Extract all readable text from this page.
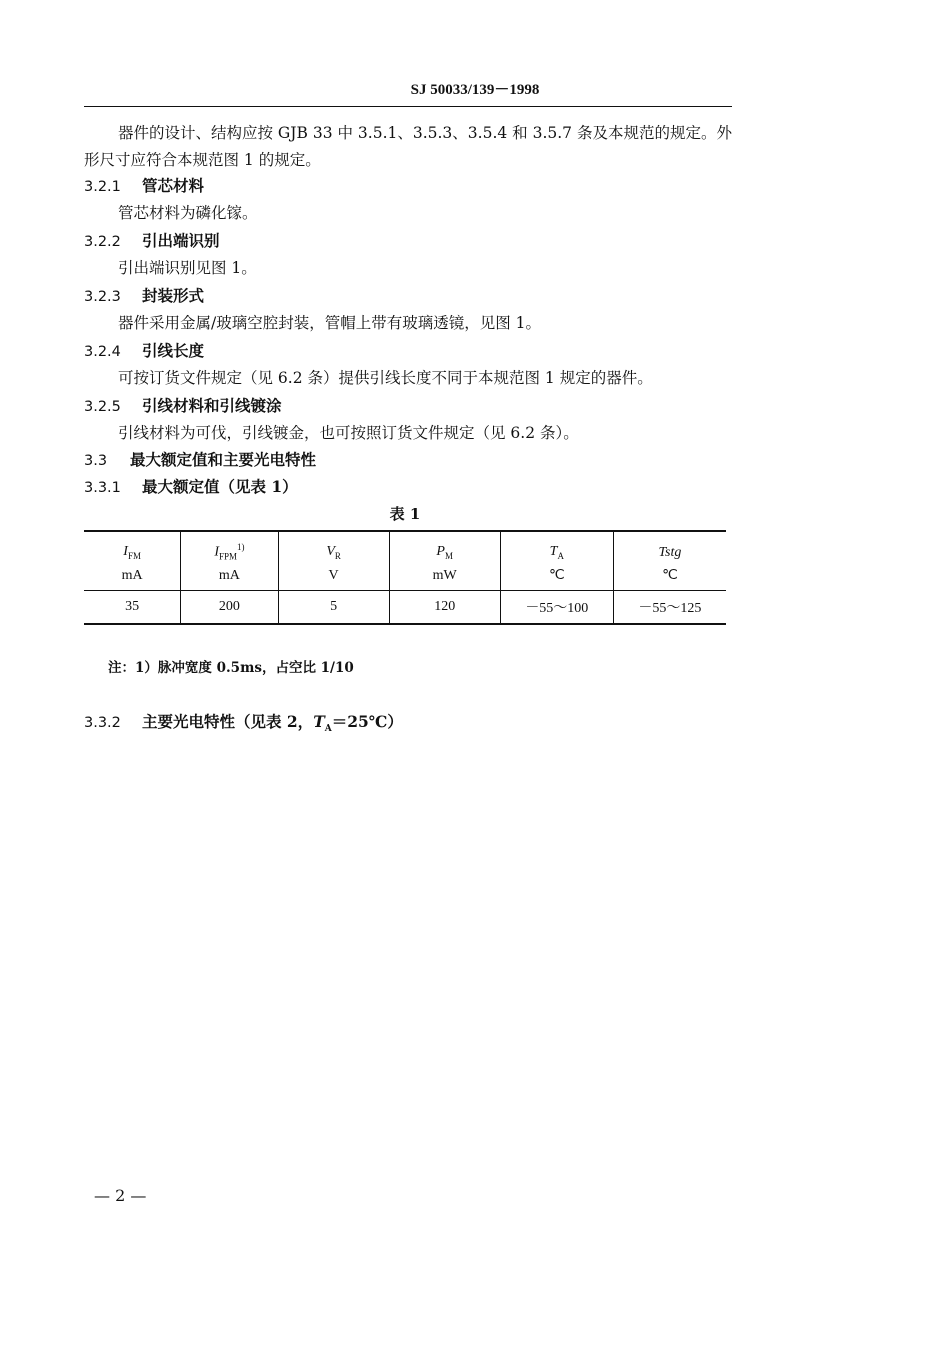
SJ 50033/139－1998
器件的设计、结构应按 GJB 33 中 3.5.1、3.5.3、3.5.4 和 3.5.7 条及本规范的规定。外
形尺寸应符合本规范图 1 的规定。
3.2.1 管芯材料
管芯材料为磷化镓。
3.2.2 引出端识别
引出端识别见图 1。
3.2.3 封装形式
器件采用金属/玻璃空腔封装，管帽上带有玻璃透镜，见图 1。
3.2.4 引线长度
可按订货文件规定（见 6.2 条）提供引线长度不同于本规范图 1 规定的器件。
3.2.5 引线材料和引线镀涂
引线材料为可伐，引线镀金，也可按照订货文件规定（见 6.2 条）。
3.3 最大额定值和主要光电特性
3.3.1 最大额定值（见表 1）
表 1
$I_{FM}$	$I_{FPM}^{1)}$	$V_R$	$P_M$	$T_A$	Tstg
mA	mA	V	mW	℃	℃
35	200	5	120	－55～100	－55～125
注：1）脉冲宽度 0.5ms，占空比 1/10
3.3.2 主要光电特性（见表 2，$T_A=25℃$）
— 2 —
